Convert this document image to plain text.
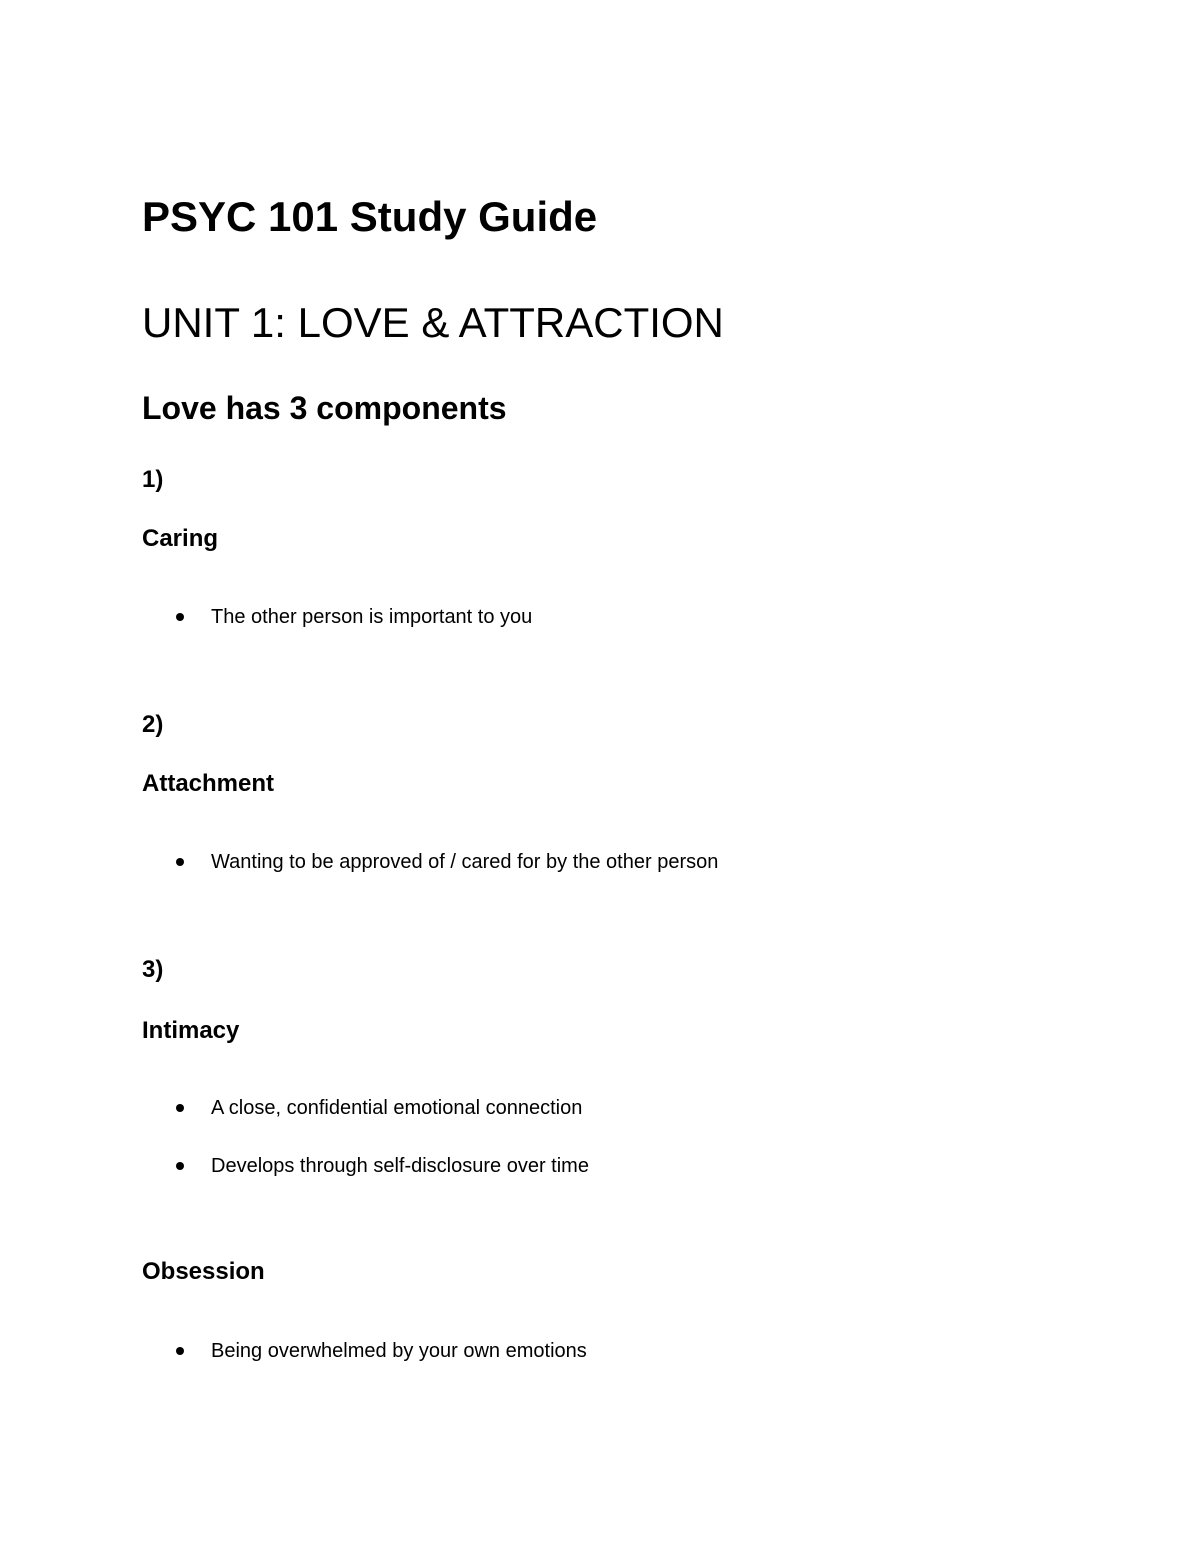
PSYC 101 Study Guide
UNIT 1: LOVE & ATTRACTION
Love has 3 components
1)
Caring
The other person is important to you
2)
Attachment
Wanting to be approved of / cared for by the other person
3)
Intimacy
A close, confidential emotional connection
Develops through self-disclosure over time
Obsession
Being overwhelmed by your own emotions
